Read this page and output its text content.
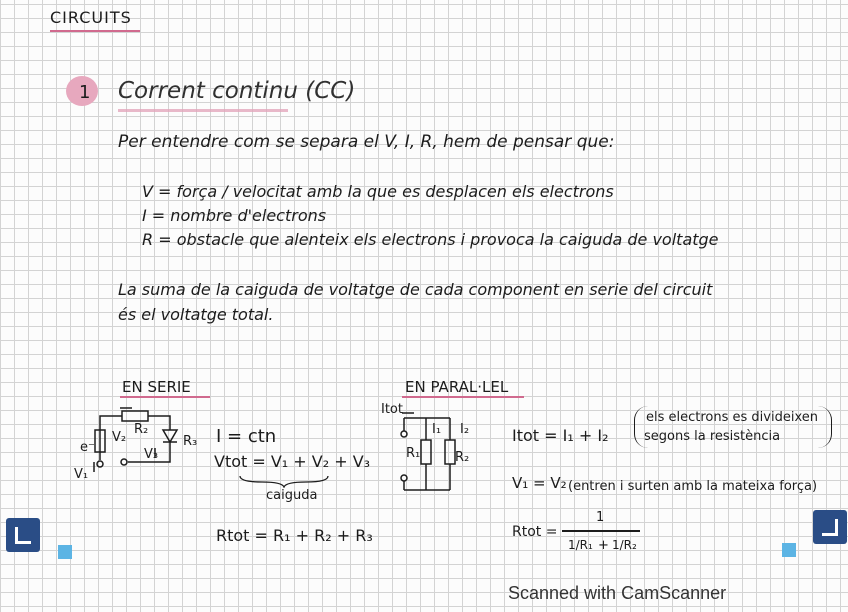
CIRCUITS
1 Corrent continu (CC)
Per entendre com se separa el V, I, R, hem de pensar que:
V = força / velocitat amb la que es desplacen els electrons
I = nombre d'electrons
R = obstacle que alenteix els electrons i provoca la caiguda de voltatge
La suma de la caiguda de voltatge de cada component en serie del circuit
és el voltatge total.
EN SERIE
V₂
R₂
R₃
V₃
e⁻
V₁
I = ctn
Vtot = V₁ + V₂ + V₃
caiguda
Rtot = R₁ + R₂ + R₃
EN PARAL·LEL
Itot
I₁ I₂
R₁	R₂
Itot = I₁ + I₂
els electrons es divideixen
segons la resistència
V₁ = V₂ (entren i surten amb la mateixa força)
Rtot =
1
1/R₁ + 1/R₂
Scanned with CamScanner
